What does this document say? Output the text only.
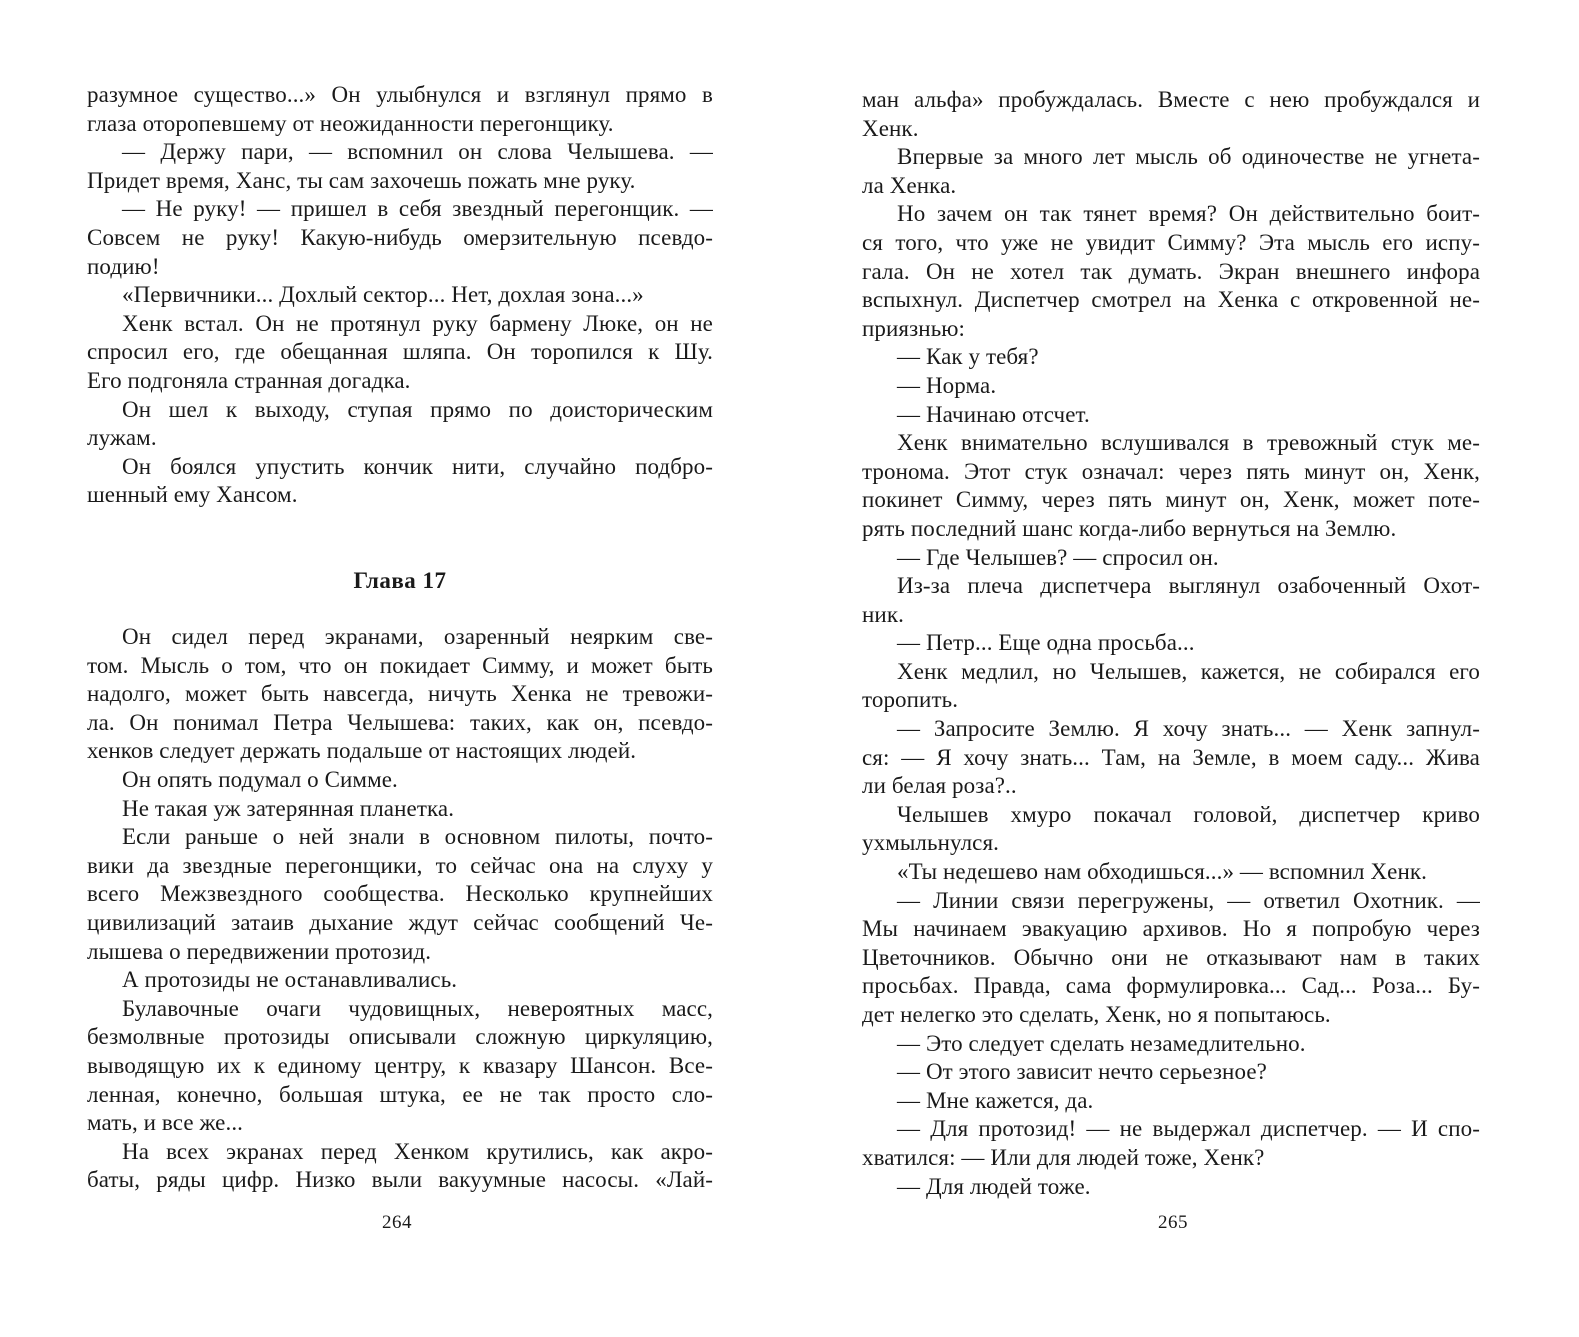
разумное существо...» Он улыбнулся и взглянул прямо в
глаза оторопевшему от неожиданности перегонщику.
— Держу пари, — вспомнил он слова Челышева. —
Придет время, Ханс, ты сам захочешь пожать мне руку.
— Не руку! — пришел в себя звездный перегонщик. —
Совсем не руку! Какую-нибудь омерзительную псевдо-
подию!
«Первичники... Дохлый сектор... Нет, дохлая зона...»
Хенк встал. Он не протянул руку бармену Люке, он не
спросил его, где обещанная шляпа. Он торопился к Шу.
Его подгоняла странная догадка.
Он шел к выходу, ступая прямо по доисторическим
лужам.
Он боялся упустить кончик нити, случайно подбро-
шенный ему Хансом.
Глава 17
Он сидел перед экранами, озаренный неярким све-
том. Мысль о том, что он покидает Симму, и может быть
надолго, может быть навсегда, ничуть Хенка не тревожи-
ла. Он понимал Петра Челышева: таких, как он, псевдо-
хенков следует держать подальше от настоящих людей.
Он опять подумал о Симме.
Не такая уж затерянная планетка.
Если раньше о ней знали в основном пилоты, почто-
вики да звездные перегонщики, то сейчас она на слуху у
всего Межзвездного сообщества. Несколько крупнейших
цивилизаций затаив дыхание ждут сейчас сообщений Че-
лышева о передвижении протозид.
А протозиды не останавливались.
Булавочные очаги чудовищных, невероятных масс,
безмолвные протозиды описывали сложную циркуляцию,
выводящую их к единому центру, к квазару Шансон. Все-
ленная, конечно, большая штука, ее не так просто сло-
мать, и все же...
На всех экранах перед Хенком крутились, как акро-
баты, ряды цифр. Низко выли вакуумные насосы. «Лай-
264
ман альфа» пробуждалась. Вместе с нею пробуждался и
Хенк.
Впервые за много лет мысль об одиночестве не угнета-
ла Хенка.
Но зачем он так тянет время? Он действительно боит-
ся того, что уже не увидит Симму? Эта мысль его испу-
гала. Он не хотел так думать. Экран внешнего инфора
вспыхнул. Диспетчер смотрел на Хенка с откровенной не-
приязнью:
— Как у тебя?
— Норма.
— Начинаю отсчет.
Хенк внимательно вслушивался в тревожный стук ме-
тронома. Этот стук означал: через пять минут он, Хенк,
покинет Симму, через пять минут он, Хенк, может поте-
рять последний шанс когда-либо вернуться на Землю.
— Где Челышев? — спросил он.
Из-за плеча диспетчера выглянул озабоченный Охот-
ник.
— Петр... Еще одна просьба...
Хенк медлил, но Челышев, кажется, не собирался его
торопить.
— Запросите Землю. Я хочу знать... — Хенк запнул-
ся: — Я хочу знать... Там, на Земле, в моем саду... Жива
ли белая роза?..
Челышев хмуро покачал головой, диспетчер криво
ухмыльнулся.
«Ты недешево нам обходишься...» — вспомнил Хенк.
— Линии связи перегружены, — ответил Охотник. —
Мы начинаем эвакуацию архивов. Но я попробую через
Цветочников. Обычно они не отказывают нам в таких
просьбах. Правда, сама формулировка... Сад... Роза... Бу-
дет нелегко это сделать, Хенк, но я попытаюсь.
— Это следует сделать незамедлительно.
— От этого зависит нечто серьезное?
— Мне кажется, да.
— Для протозид! — не выдержал диспетчер. — И спо-
хватился: — Или для людей тоже, Хенк?
— Для людей тоже.
265
